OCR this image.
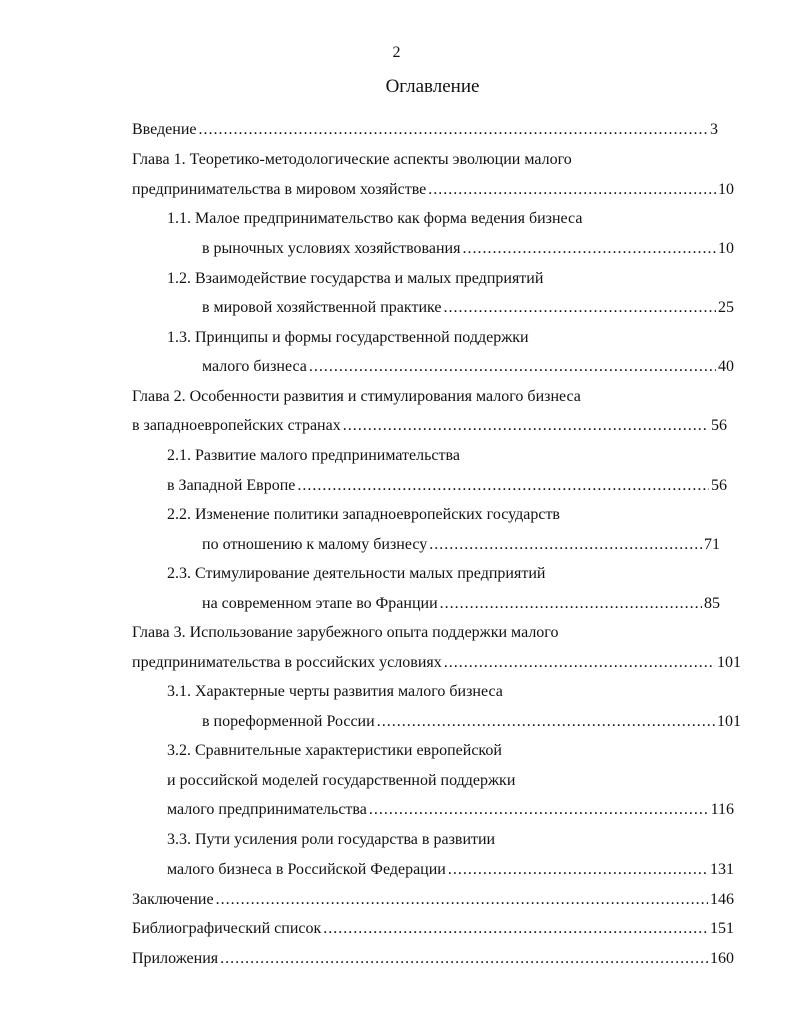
2
Оглавление
Введение .....	3
Глава 1. Теоретико-методологические аспекты эволюции малого
предпринимательства в мировом хозяйстве .....	10
1.1. Малое предпринимательство как форма ведения бизнеса
в рыночных условиях хозяйствования .....	10
1.2. Взаимодействие государства и малых предприятий
в мировой хозяйственной практике .....	25
1.3. Принципы и формы государственной поддержки
малого бизнеса .....	40
Глава 2. Особенности развития и стимулирования малого бизнеса
в западноевропейских странах .....	56
2.1. Развитие малого предпринимательства
в Западной Европе .....	56
2.2. Изменение политики западноевропейских государств
по отношению к малому бизнесу .....	71
2.3. Стимулирование деятельности малых предприятий
на современном этапе во Франции .....	85
Глава 3. Использование зарубежного опыта поддержки малого
предпринимательства в российских условиях .....	101
3.1. Характерные черты развития малого бизнеса
в пореформенной России .....	101
3.2. Сравнительные характеристики европейской
и российской моделей государственной поддержки
малого предпринимательства .....	116
3.3. Пути усиления роли государства в развитии
малого бизнеса в Российской Федерации .....	131
Заключение .....	146
Библиографический список .....	151
Приложения .....	160
